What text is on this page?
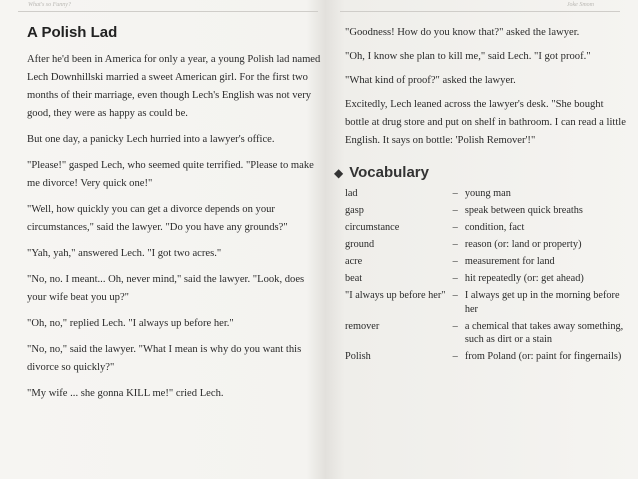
What's so Funny?	Joke Smom
A Polish Lad

After he'd been in America for only a year, a young Polish lad named Lech Downhillski married a sweet American girl. For the first two months of their marriage, even though Lech's English was not very good, they were as happy as could be.

But one day, a panicky Lech hurried into a lawyer's office.

"Please!" gasped Lech, who seemed quite terrified. "Please to make me divorce! Very quick one!"

"Well, how quickly you can get a divorce depends on your circumstances," said the lawyer. "Do you have any grounds?"

"Yah, yah," answered Lech. "I got two acres."

"No, no. I meant... Oh, never mind," said the lawyer. "Look, does your wife beat you up?"

"Oh, no," replied Lech. "I always up before her."

"No, no," said the lawyer. "What I mean is why do you want this divorce so quickly?"

"My wife ... she gonna KILL me!" cried Lech.

"Goodness! How do you know that?" asked the lawyer.

"Oh, I know she plan to kill me," said Lech. "I got proof."

"What kind of proof?" asked the lawyer.

Excitedly, Lech leaned across the lawyer's desk. "She bought bottle at drug store and put on shelf in bathroom. I can read a little English. It says on bottle: 'Polish Remover'!"

◆ Vocabulary
lad	–	young man
gasp	–	speak between quick breaths
circumstance	–	condition, fact
ground	–	reason (or: land or property)
acre	–	measurement for land
beat	–	hit repeatedly (or: get ahead)
"I always up before her"	–	I always get up in the morning before her
remover	–	a chemical that takes away something, such as dirt or a stain
Polish	–	from Poland (or: paint for fingernails)
